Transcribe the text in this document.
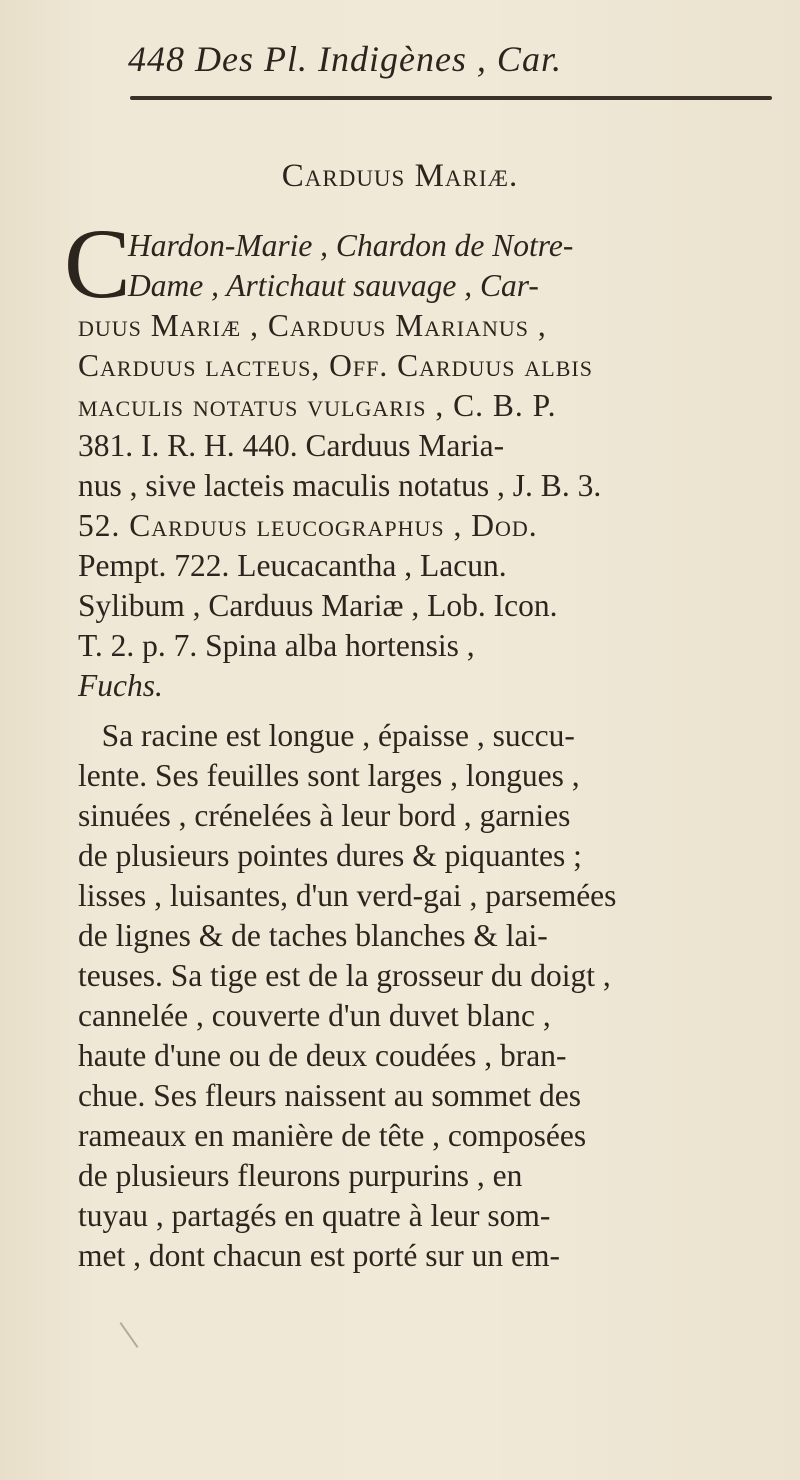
448 Des Pl. Indigènes , Car.
Carduus Mariæ.
C
Hardon-Marie , Chardon de Notre-
Dame , Artichaut sauvage , Car-
duus Mariæ , Carduus Marianus ,
Carduus lacteus, Off. Carduus albis
maculis notatus vulgaris , C. B. P.
381. I. R. H. 440. Carduus Maria-
nus , sive lacteis maculis notatus , J. B. 3.
52. Carduus leucographus , Dod.
Pempt. 722. Leucacantha , Lacun.
Sylibum , Carduus Mariæ , Lob. Icon.
T. 2. p. 7. Spina alba hortensis ,
Fuchs.
Sa racine est longue , épaisse , succu-
lente. Ses feuilles sont larges , longues ,
sinuées , crénelées à leur bord , garnies
de plusieurs pointes dures & piquantes ;
lisses , luisantes, d'un verd-gai , parsemées
de lignes & de taches blanches & lai-
teuses. Sa tige est de la grosseur du doigt ,
cannelée , couverte d'un duvet blanc ,
haute d'une ou de deux coudées , bran-
chue. Ses fleurs naissent au sommet des
rameaux en manière de tête , composées
de plusieurs fleurons purpurins , en
tuyau , partagés en quatre à leur som-
met , dont chacun est porté sur un em-
